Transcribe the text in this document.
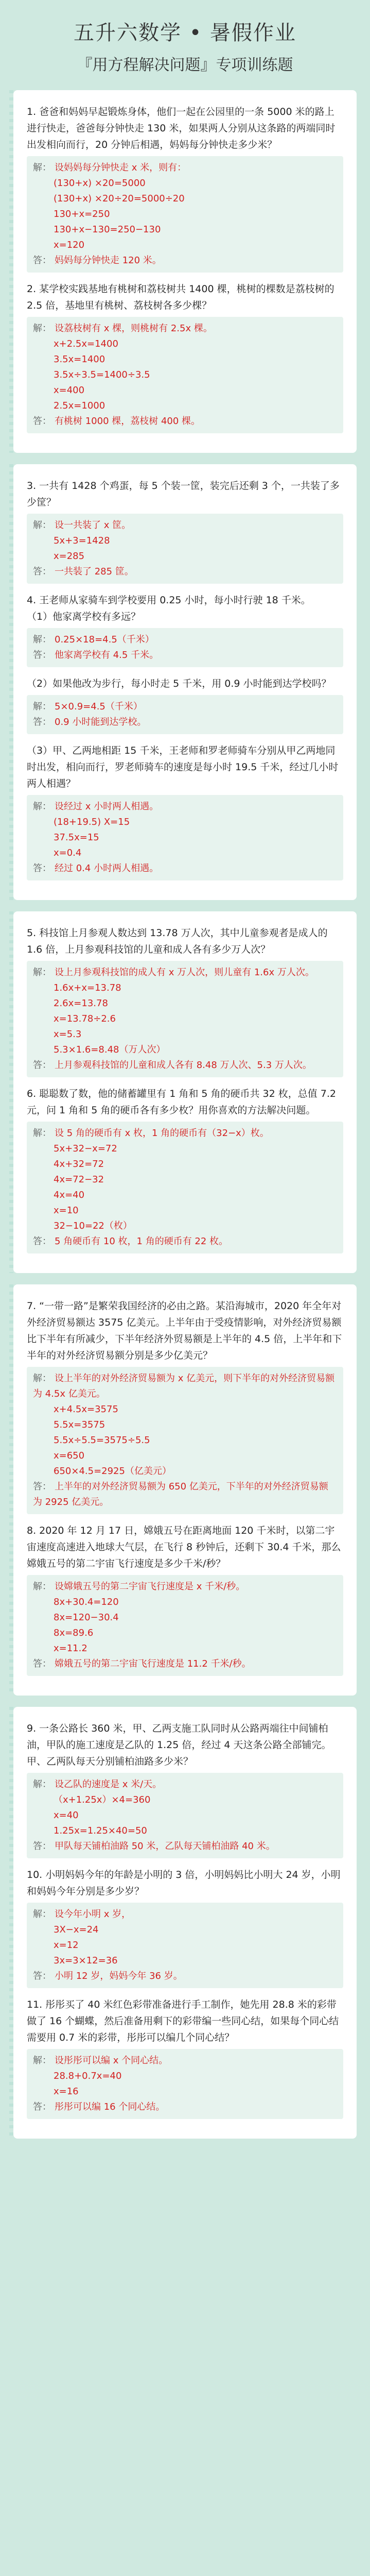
五升六数学 • 暑假作业
『用方程解决问题』专项训练题
1. 爸爸和妈妈早起锻炼身体，他们一起在公园里的一条 5000 米的路上进行快走，爸爸每分钟快走 130 米，如果两人分别从这条路的两端同时出发相向而行，20 分钟后相遇，妈妈每分钟快走多少米？
解： 设妈妈每分钟快走 x 米，则有：
(130+x) ×20=5000
(130+x) ×20÷20=5000÷20
130+x=250
130+x−130=250−130
x=120
答： 妈妈每分钟快走 120 米。
2. 某学校实践基地有桃树和荔枝树共 1400 棵，桃树的棵数是荔枝树的 2.5 倍，基地里有桃树、荔枝树各多少棵？
解： 设荔枝树有 x 棵，则桃树有 2.5x 棵。
x+2.5x=1400
3.5x=1400
3.5x÷3.5=1400÷3.5
x=400
2.5x=1000
答： 有桃树 1000 棵，荔枝树 400 棵。
3. 一共有 1428 个鸡蛋，每 5 个装一筐，装完后还剩 3 个，一共装了多少筐？
解： 设一共装了 x 筐。
5x+3=1428
x=285
答： 一共装了 285 筐。
4. 王老师从家骑车到学校要用 0.25 小时，每小时行驶 18 千米。
（1）他家离学校有多远？
解： 0.25×18=4.5（千米）
答： 他家离学校有 4.5 千米。
（2）如果他改为步行，每小时走 5 千米，用 0.9 小时能到达学校吗？
解： 5×0.9=4.5（千米）
答： 0.9 小时能到达学校。
（3）甲、乙两地相距 15 千米，王老师和罗老师骑车分别从甲乙两地同时出发，相向而行，罗老师骑车的速度是每小时 19.5 千米，经过几小时两人相遇？
解： 设经过 x 小时两人相遇。
(18+19.5) X=15
37.5x=15
x=0.4
答： 经过 0.4 小时两人相遇。
5. 科技馆上月参观人数达到 13.78 万人次，其中儿童参观者是成人的 1.6 倍，上月参观科技馆的儿童和成人各有多少万人次？
解： 设上月参观科技馆的成人有 x 万人次，则儿童有 1.6x 万人次。
1.6x+x=13.78
2.6x=13.78
x=13.78÷2.6
x=5.3
5.3×1.6=8.48（万人次）
答： 上月参观科技馆的儿童和成人各有 8.48 万人次、5.3 万人次。
6. 聪聪数了数，他的储蓄罐里有 1 角和 5 角的硬币共 32 枚，总值 7.2 元，问 1 角和 5 角的硬币各有多少枚？用你喜欢的方法解决问题。
解： 设 5 角的硬币有 x 枚，1 角的硬币有（32−x）枚。
5x+32−x=72
4x+32=72
4x=72−32
4x=40
x=10
32−10=22（枚）
答： 5 角硬币有 10 枚，1 角的硬币有 22 枚。
7. “一带一路”是繁荣我国经济的必由之路。某沿海城市，2020 年全年对外经济贸易额达 3575 亿美元。上半年由于受疫情影响，对外经济贸易额比下半年有所减少，下半年经济外贸易额是上半年的 4.5 倍，上半年和下半年的对外经济贸易额分别是多少亿美元？
解： 设上半年的对外经济贸易额为 x 亿美元，则下半年的对外经济贸易额为 4.5x 亿美元。
x+4.5x=3575
5.5x=3575
5.5x÷5.5=3575÷5.5
x=650
650×4.5=2925（亿美元）
答： 上半年的对外经济贸易额为 650 亿美元，下半年的对外经济贸易额为 2925 亿美元。
8. 2020 年 12 月 17 日，嫦娥五号在距离地面 120 千米时，以第二宇宙速度高速进入地球大气层，在飞行 8 秒钟后，还剩下 30.4 千米，那么嫦娥五号的第二宇宙飞行速度是多少千米/秒？
解： 设嫦娥五号的第二宇宙飞行速度是 x 千米/秒。
8x+30.4=120
8x=120−30.4
8x=89.6
x=11.2
答： 嫦娥五号的第二宇宙飞行速度是 11.2 千米/秒。
9. 一条公路长 360 米，甲、乙两支施工队同时从公路两端往中间铺柏油，甲队的施工速度是乙队的 1.25 倍，经过 4 天这条公路全部铺完。甲、乙两队每天分别铺柏油路多少米？
解： 设乙队的速度是 x 米/天。
（x+1.25x）×4=360
x=40
1.25x=1.25×40=50
答： 甲队每天铺柏油路 50 米，乙队每天铺柏油路 40 米。
10. 小明妈妈今年的年龄是小明的 3 倍，小明妈妈比小明大 24 岁，小明和妈妈今年分别是多少岁？
解： 设今年小明 x 岁，
3X−x=24
x=12
3x=3×12=36
答： 小明 12 岁，妈妈今年 36 岁。
11. 彤彤买了 40 米红色彩带准备进行手工制作，她先用 28.8 米的彩带做了 16 个蝴蝶，然后准备用剩下的彩带编一些同心结，如果每个同心结需要用 0.7 米的彩带，彤彤可以编几个同心结？
解： 设彤彤可以编 x 个同心结。
28.8+0.7x=40
x=16
答： 彤彤可以编 16 个同心结。
